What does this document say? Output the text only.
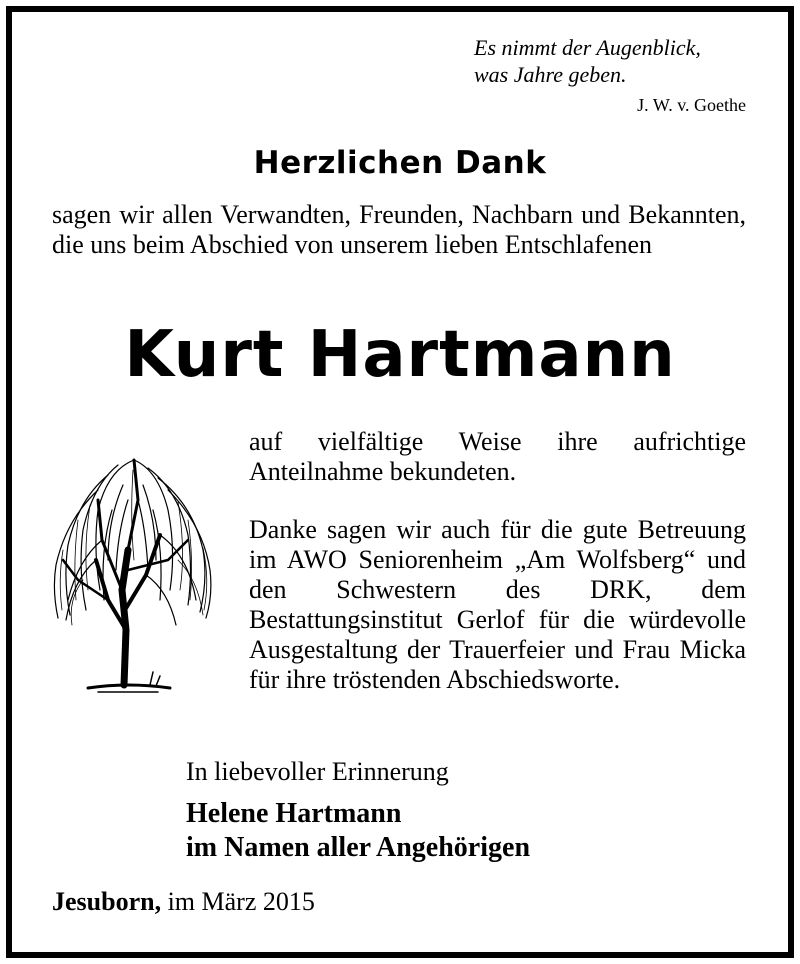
Es nimmt der Augenblick,
was Jahre geben.
J. W. v. Goethe
Herzlichen Dank
sagen wir allen Verwandten, Freunden, Nachbarn und Bekannten, die uns beim Abschied von unserem lieben Entschlafenen
Kurt Hartmann
auf vielfältige Weise ihre aufrichtige Anteilnahme bekundeten.
Danke sagen wir auch für die gute Betreuung im AWO Seniorenheim „Am Wolfsberg“ und den Schwestern des DRK, dem Bestattungsinstitut Gerlof für die würdevolle Ausgestaltung der Trauerfeier und Frau Micka für ihre tröstenden Abschiedsworte.
In liebevoller Erinnerung
Helene Hartmann
im Namen aller Angehörigen
Jesuborn, im März 2015
